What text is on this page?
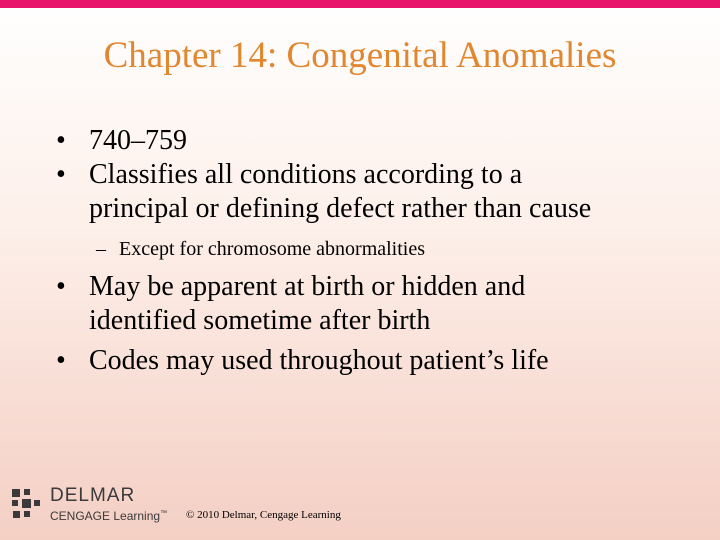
Chapter 14: Congenital Anomalies
• 740–759
• Classifies all conditions according to a
principal or defining defect rather than cause
– Except for chromosome abnormalities
• May be apparent at birth or hidden and
identified sometime after birth
• Codes may used throughout patient’s life
DELMAR
CENGAGE Learning™ © 2010 Delmar, Cengage Learning
